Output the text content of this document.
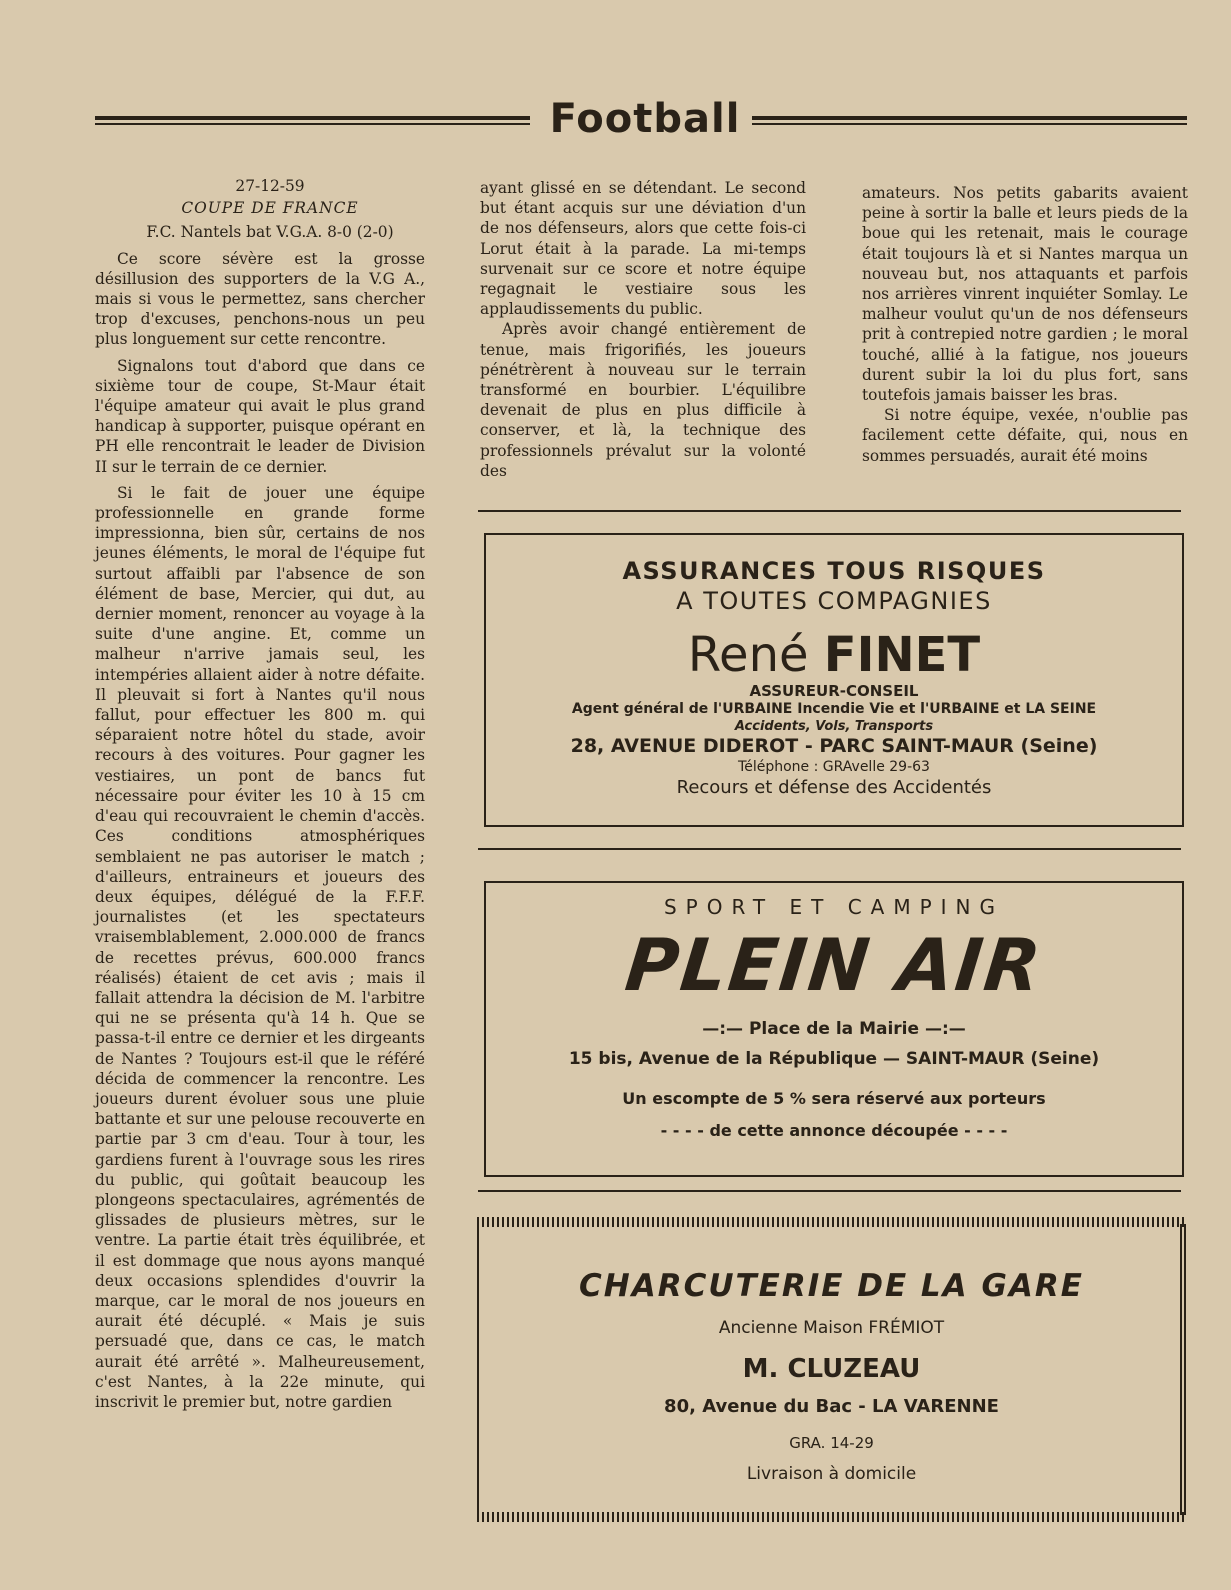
Football

27-12-59

COUPE DE FRANCE

F.C. Nantels bat V.G.A. 8-0 (2-0)

Ce score sévère est la grosse désillusion des supporters de la V.G A., mais si vous le permettez, sans chercher trop d'excuses, penchons-nous un peu plus longuement sur cette rencontre.

Signalons tout d'abord que dans ce sixième tour de coupe, St-Maur était l'équipe amateur qui avait le plus grand handicap à supporter, puisque opérant en PH elle rencontrait le leader de Division II sur le terrain de ce dernier.

Si le fait de jouer une équipe professionnelle en grande forme impressionna, bien sûr, certains de nos jeunes éléments, le moral de l'équipe fut surtout affaibli par l'absence de son élément de base, Mercier, qui dut, au dernier moment, renoncer au voyage à la suite d'une angine. Et, comme un malheur n'arrive jamais seul, les intempéries allaient aider à notre défaite. Il pleuvait si fort à Nantes qu'il nous fallut, pour effectuer les 800 m. qui séparaient notre hôtel du stade, avoir recours à des voitures. Pour gagner les vestiaires, un pont de bancs fut nécessaire pour éviter les 10 à 15 cm d'eau qui recouvraient le chemin d'accès. Ces conditions atmosphériques semblaient ne pas autoriser le match ; d'ailleurs, entraineurs et joueurs des deux équipes, délégué de la F.F.F. journalistes (et les spectateurs vraisemblablement, 2.000.000 de francs de recettes prévus, 600.000 francs réalisés) étaient de cet avis ; mais il fallait attendra la décision de M. l'arbitre qui ne se présenta qu'à 14 h. Que se passa-t-il entre ce dernier et les dirgeants de Nantes ? Toujours est-il que le référé décida de commencer la rencontre. Les joueurs durent évoluer sous une pluie battante et sur une pelouse recouverte en partie par 3 cm d'eau. Tour à tour, les gardiens furent à l'ouvrage sous les rires du public, qui goûtait beaucoup les plongeons spectaculaires, agrémentés de glissades de plusieurs mètres, sur le ventre. La partie était très équilibrée, et il est dommage que nous ayons manqué deux occasions splendides d'ouvrir la marque, car le moral de nos joueurs en aurait été décuplé. « Mais je suis persuadé que, dans ce cas, le match aurait été arrêté ». Malheureusement, c'est Nantes, à la 22e minute, qui inscrivit le premier but, notre gardien

ayant glissé en se détendant. Le second but étant acquis sur une déviation d'un de nos défenseurs, alors que cette fois-ci Lorut était à la parade. La mi-temps survenait sur ce score et notre équipe regagnait le vestiaire sous les applaudissements du public.

Après avoir changé entièrement de tenue, mais frigorifiés, les joueurs pénétrèrent à nouveau sur le terrain transformé en bourbier. L'équilibre devenait de plus en plus difficile à conserver, et là, la technique des professionnels prévalut sur la volonté des

amateurs. Nos petits gabarits avaient peine à sortir la balle et leurs pieds de la boue qui les retenait, mais le courage était toujours là et si Nantes marqua un nouveau but, nos attaquants et parfois nos arrières vinrent inquiéter Somlay. Le malheur voulut qu'un de nos défenseurs prit à contrepied notre gardien ; le moral touché, allié à la fatigue, nos joueurs durent subir la loi du plus fort, sans toutefois jamais baisser les bras.

Si notre équipe, vexée, n'oublie pas facilement cette défaite, qui, nous en sommes persuadés, aurait été moins

ASSURANCES TOUS RISQUES
A TOUTES COMPAGNIES
René FINET
ASSUREUR-CONSEIL
Agent général de l'URBAINE Incendie Vie et l'URBAINE et LA SEINE
Accidents, Vols, Transports
28, AVENUE DIDEROT - PARC SAINT-MAUR (Seine)
Téléphone : GRAvelle 29-63
Recours et défense des Accidentés
SPORT ET CAMPING
PLEIN AIR
—:— Place de la Mairie —:—
15 bis, Avenue de la République — SAINT-MAUR (Seine)
Un escompte de 5 % sera réservé aux porteurs
- - - - de cette annonce découpée - - - -
CHARCUTERIE DE LA GARE
Ancienne Maison FRÉMIOT
M. CLUZEAU
80, Avenue du Bac - LA VARENNE
GRA. 14-29
Livraison à domicile
